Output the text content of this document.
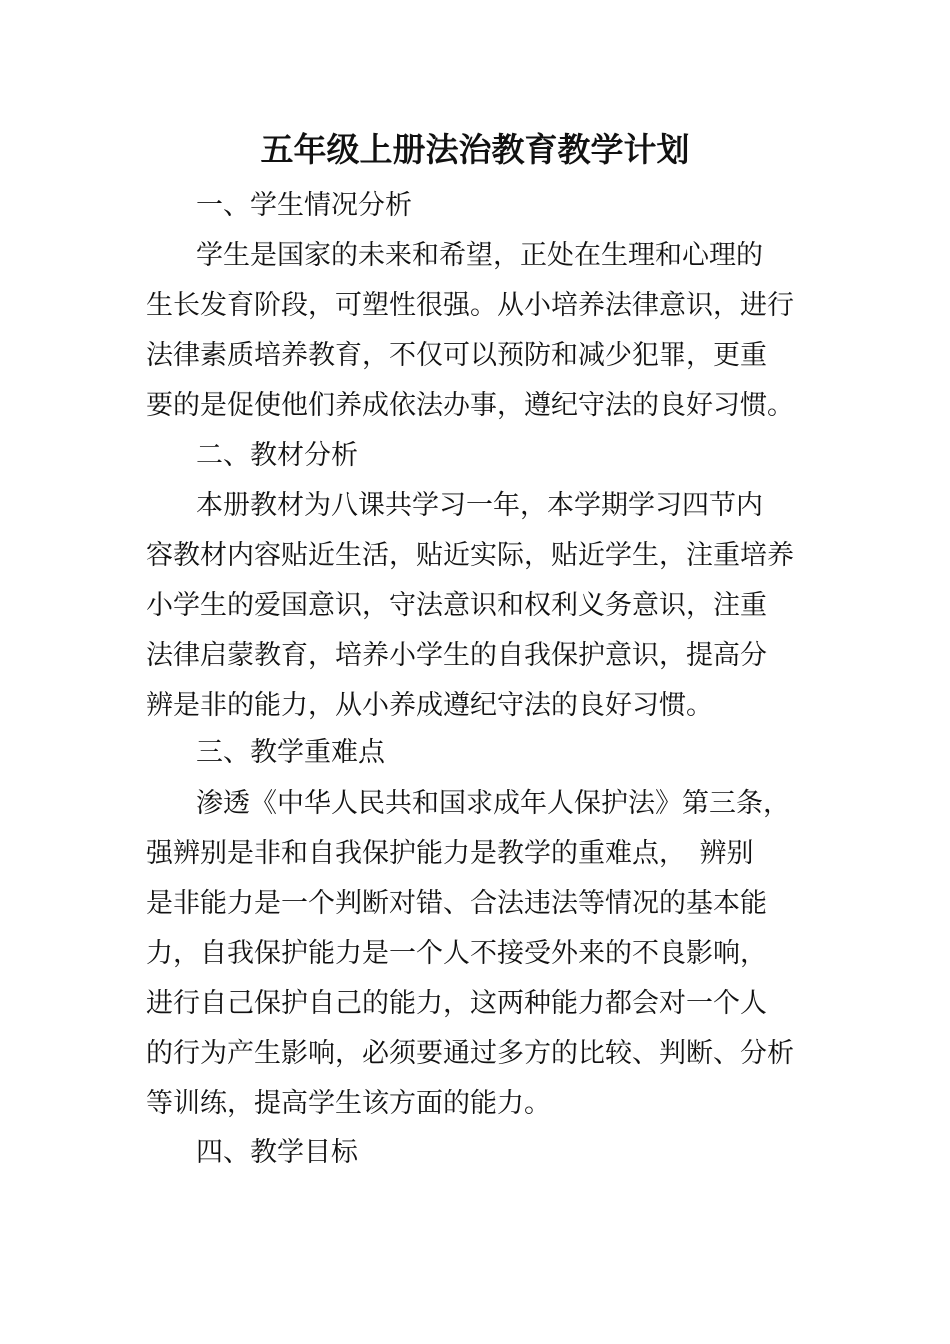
五年级上册法治教育教学计划
一、学生情况分析
学生是国家的未来和希望，正处在生理和心理的
生长发育阶段，可塑性很强。从小培养法律意识，进行
法律素质培养教育，不仅可以预防和减少犯罪，更重
要的是促使他们养成依法办事，遵纪守法的良好习惯。
二、教材分析
本册教材为八课共学习一年，本学期学习四节内
容教材内容贴近生活，贴近实际，贴近学生，注重培养
小学生的爱国意识，守法意识和权利义务意识，注重
法律启蒙教育，培养小学生的自我保护意识，提高分
辨是非的能力，从小养成遵纪守法的良好习惯。
三、教学重难点
渗透《中华人民共和国求成年人保护法》第三条，
强辨别是非和自我保护能力是教学的重难点，　辨别
是非能力是一个判断对错、合法违法等情况的基本能
力，自我保护能力是一个人不接受外来的不良影响，
进行自己保护自己的能力，这两种能力都会对一个人
的行为产生影响，必须要通过多方的比较、判断、分析
等训练，提高学生该方面的能力。
四、教学目标
